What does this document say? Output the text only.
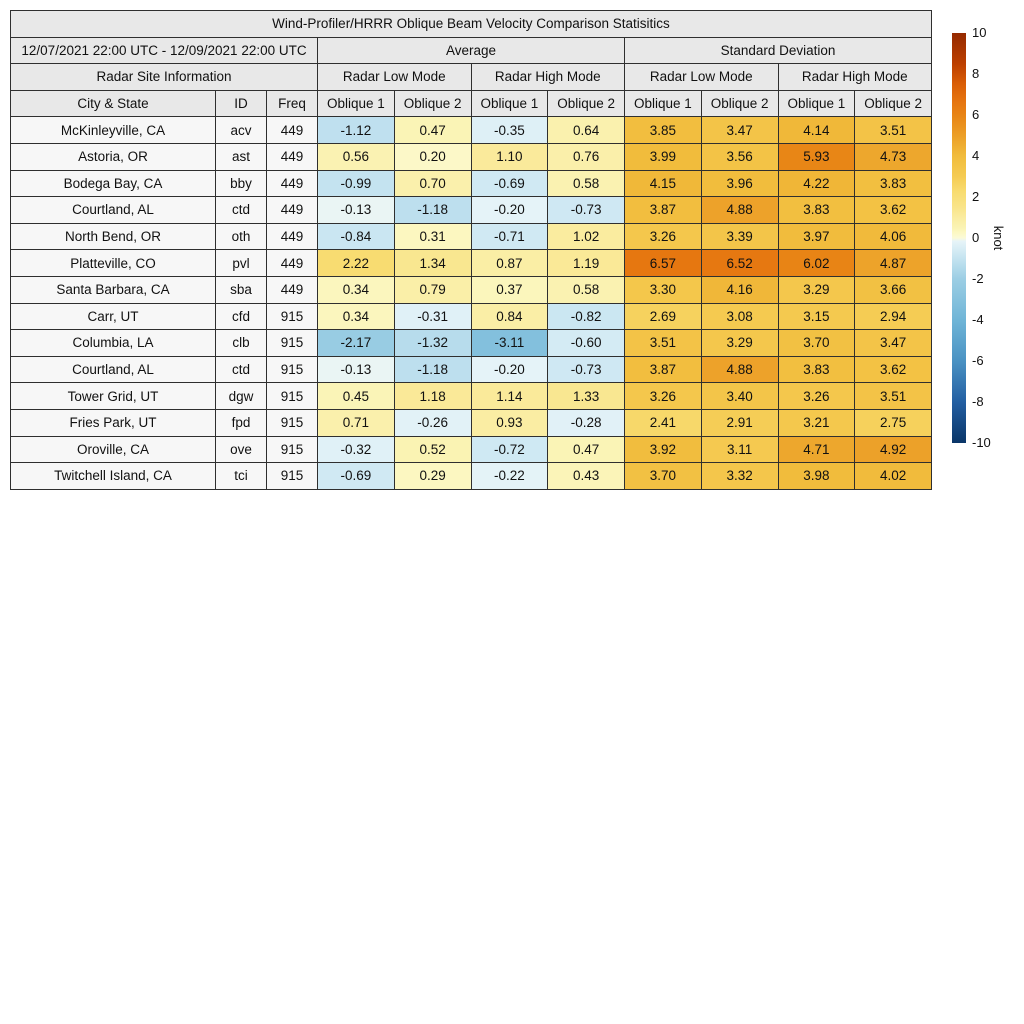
Wind-Profiler/HRRR Oblique Beam Velocity Comparison Statisitics										
12/07/2021 22:00 UTC - 12/09/2021 22:00 UTC			Average				Standard Deviation			
Radar Site Information			Radar Low Mode		Radar High Mode		Radar Low Mode		Radar High Mode	
City & State	ID	Freq	Oblique 1	Oblique 2	Oblique 1	Oblique 2	Oblique 1	Oblique 2	Oblique 1	Oblique 2
McKinleyville, CA	acv	449	-1.12	0.47	-0.35	0.64	3.85	3.47	4.14	3.51
Astoria, OR	ast	449	0.56	0.20	1.10	0.76	3.99	3.56	5.93	4.73
Bodega Bay, CA	bby	449	-0.99	0.70	-0.69	0.58	4.15	3.96	4.22	3.83
Courtland, AL	ctd	449	-0.13	-1.18	-0.20	-0.73	3.87	4.88	3.83	3.62
North Bend, OR	oth	449	-0.84	0.31	-0.71	1.02	3.26	3.39	3.97	4.06
Platteville, CO	pvl	449	2.22	1.34	0.87	1.19	6.57	6.52	6.02	4.87
Santa Barbara, CA	sba	449	0.34	0.79	0.37	0.58	3.30	4.16	3.29	3.66
Carr, UT	cfd	915	0.34	-0.31	0.84	-0.82	2.69	3.08	3.15	2.94
Columbia, LA	clb	915	-2.17	-1.32	-3.11	-0.60	3.51	3.29	3.70	3.47
Courtland, AL	ctd	915	-0.13	-1.18	-0.20	-0.73	3.87	4.88	3.83	3.62
Tower Grid, UT	dgw	915	0.45	1.18	1.14	1.33	3.26	3.40	3.26	3.51
Fries Park, UT	fpd	915	0.71	-0.26	0.93	-0.28	2.41	2.91	3.21	2.75
Oroville, CA	ove	915	-0.32	0.52	-0.72	0.47	3.92	3.11	4.71	4.92
Twitchell Island, CA	tci	915	-0.69	0.29	-0.22	0.43	3.70	3.32	3.98	4.02
10
8
6
4
2
0
-2
-4
-6
-8
-10
knot
